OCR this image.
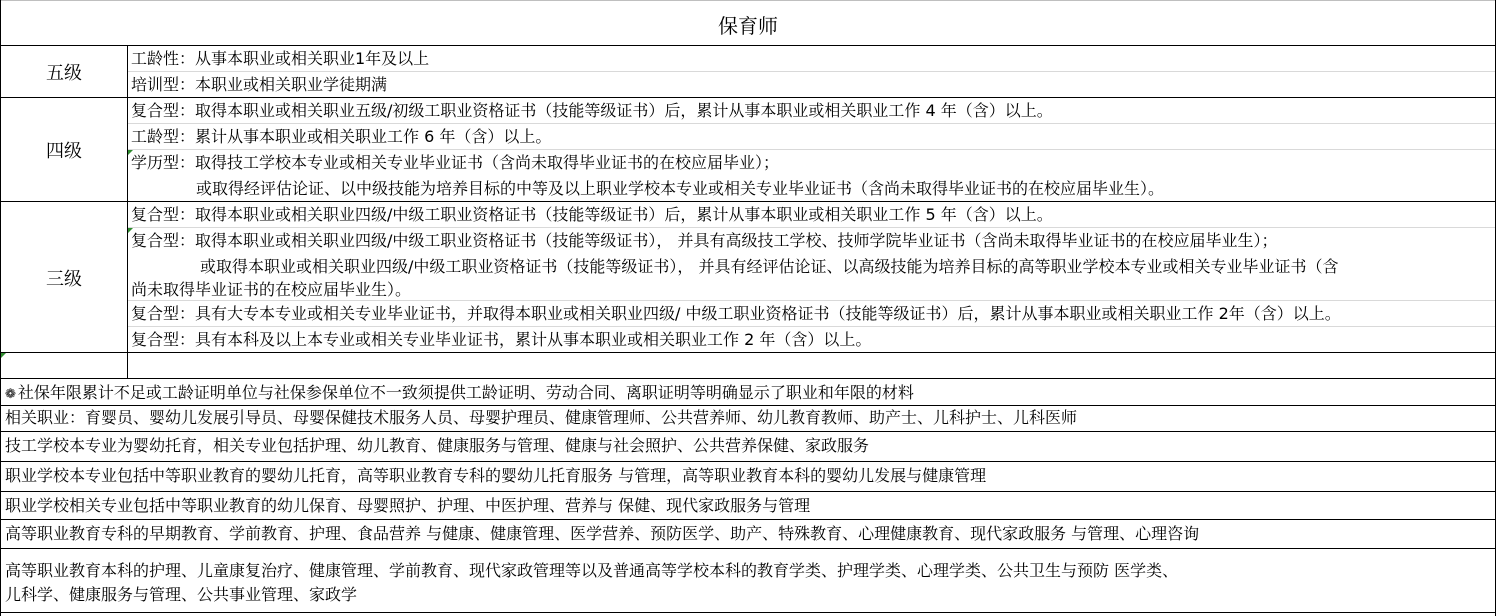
保育师
五级
四级
三级
工龄性：从事本职业或相关职业1年及以上
培训型：本职业或相关职业学徒期满
复合型：取得本职业或相关职业五级/初级工职业资格证书（技能等级证书）后，累计从事本职业或相关职业工作 4 年（含）以上。
工龄型：累计从事本职业或相关职业工作 6 年（含）以上。
学历型：取得技工学校本专业或相关专业毕业证书（含尚未取得毕业证书的在校应届毕业）；
或取得经评估论证、以中级技能为培养目标的中等及以上职业学校本专业或相关专业毕业证书（含尚未取得毕业证书的在校应届毕业生）。
复合型：取得本职业或相关职业四级/中级工职业资格证书（技能等级证书）后，累计从事本职业或相关职业工作 5 年（含）以上。
复合型：取得本职业或相关职业四级/中级工职业资格证书（技能等级证书）， 并具有高级技工学校、技师学院毕业证书（含尚未取得毕业证书的在校应届毕业生）；
或取得本职业或相关职业四级/中级工职业资格证书（技能等级证书）， 并具有经评估论证、以高级技能为培养目标的高等职业学校本专业或相关专业毕业证书（含
尚未取得毕业证书的在校应届毕业生）。
复合型：具有大专本专业或相关专业毕业证书，并取得本职业或相关职业四级/ 中级工职业资格证书（技能等级证书）后，累计从事本职业或相关职业工作 2年（含）以上。
复合型：具有本科及以上本专业或相关专业毕业证书，累计从事本职业或相关职业工作 2 年（含）以上。
❁ 社保年限累计不足或工龄证明单位与社保参保单位不一致须提供工龄证明、劳动合同、离职证明等明确显示了职业和年限的材料
相关职业：育婴员、婴幼儿发展引导员、母婴保健技术服务人员、母婴护理员、健康管理师、公共营养师、幼儿教育教师、助产士、儿科护士、儿科医师
技工学校本专业为婴幼托育，相关专业包括护理、幼儿教育、健康服务与管理、健康与社会照护、公共营养保健、家政服务
职业学校本专业包括中等职业教育的婴幼儿托育，高等职业教育专科的婴幼儿托育服务 与管理，高等职业教育本科的婴幼儿发展与健康管理
职业学校相关专业包括中等职业教育的幼儿保育、母婴照护、护理、中医护理、营养与 保健、现代家政服务与管理
高等职业教育专科的早期教育、学前教育、护理、食品营养 与健康、健康管理、医学营养、预防医学、助产、特殊教育、心理健康教育、现代家政服务 与管理、心理咨询
高等职业教育本科的护理、儿童康复治疗、健康管理、学前教育、现代家政管理等以及普通高等学校本科的教育学类、护理学类、心理学类、公共卫生与预防 医学类、
儿科学、健康服务与管理、公共事业管理、家政学
